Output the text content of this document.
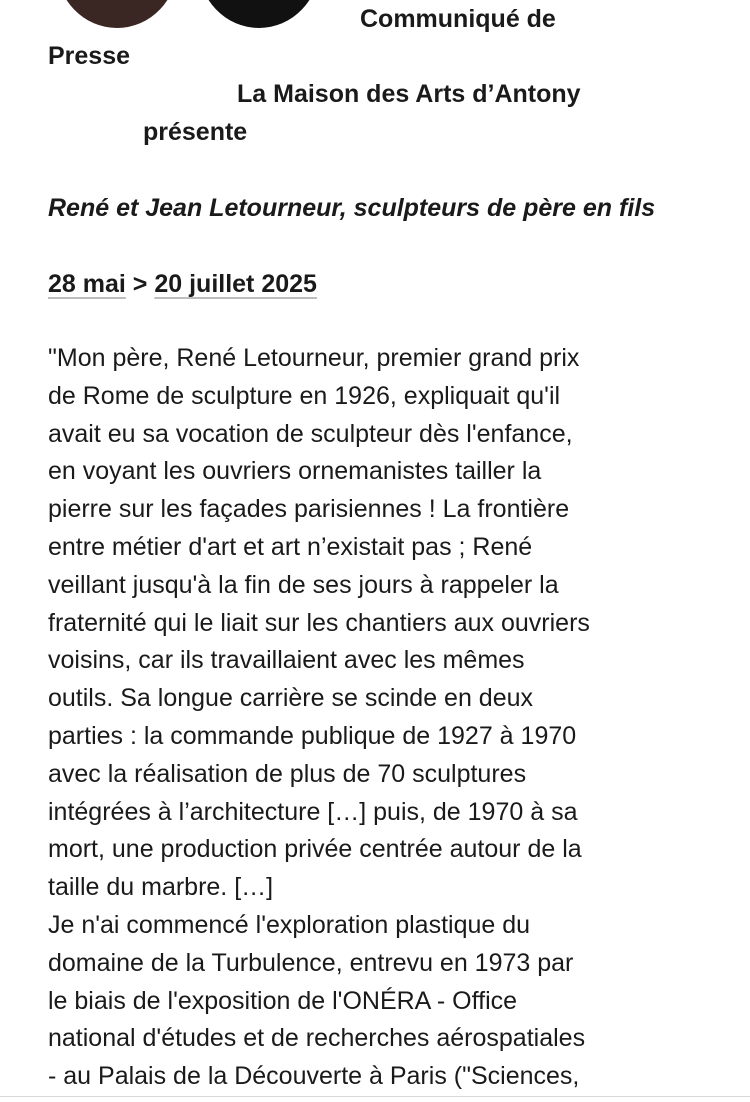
Communiqué de
Presse
La Maison des Arts d’Antony
présente
René et Jean Letourneur, sculpteurs de père en fils
28 mai > 20 juillet 2025
"Mon père, René Letourneur, premier grand prix
de Rome de sculpture en 1926, expliquait qu'il
avait eu sa vocation de sculpteur dès l'enfance,
en voyant les ouvriers ornemanistes tailler la
pierre sur les façades parisiennes ! La frontière
entre métier d'art et art n’existait pas ; René
veillant jusqu'à la fin de ses jours à rappeler la
fraternité qui le liait sur les chantiers aux ouvriers
voisins, car ils travaillaient avec les mêmes
outils. Sa longue carrière se scinde en deux
parties : la commande publique de 1927 à 1970
avec la réalisation de plus de 70 sculptures
intégrées à l’architecture […] puis, de 1970 à sa
mort, une production privée centrée autour de la
taille du marbre. […]
Je n'ai commencé l'exploration plastique du
domaine de la Turbulence, entrevu en 1973 par
le biais de l'exposition de l'ONÉRA - Office
national d'études et de recherches aérospatiales
- au Palais de la Découverte à Paris ("Sciences,
